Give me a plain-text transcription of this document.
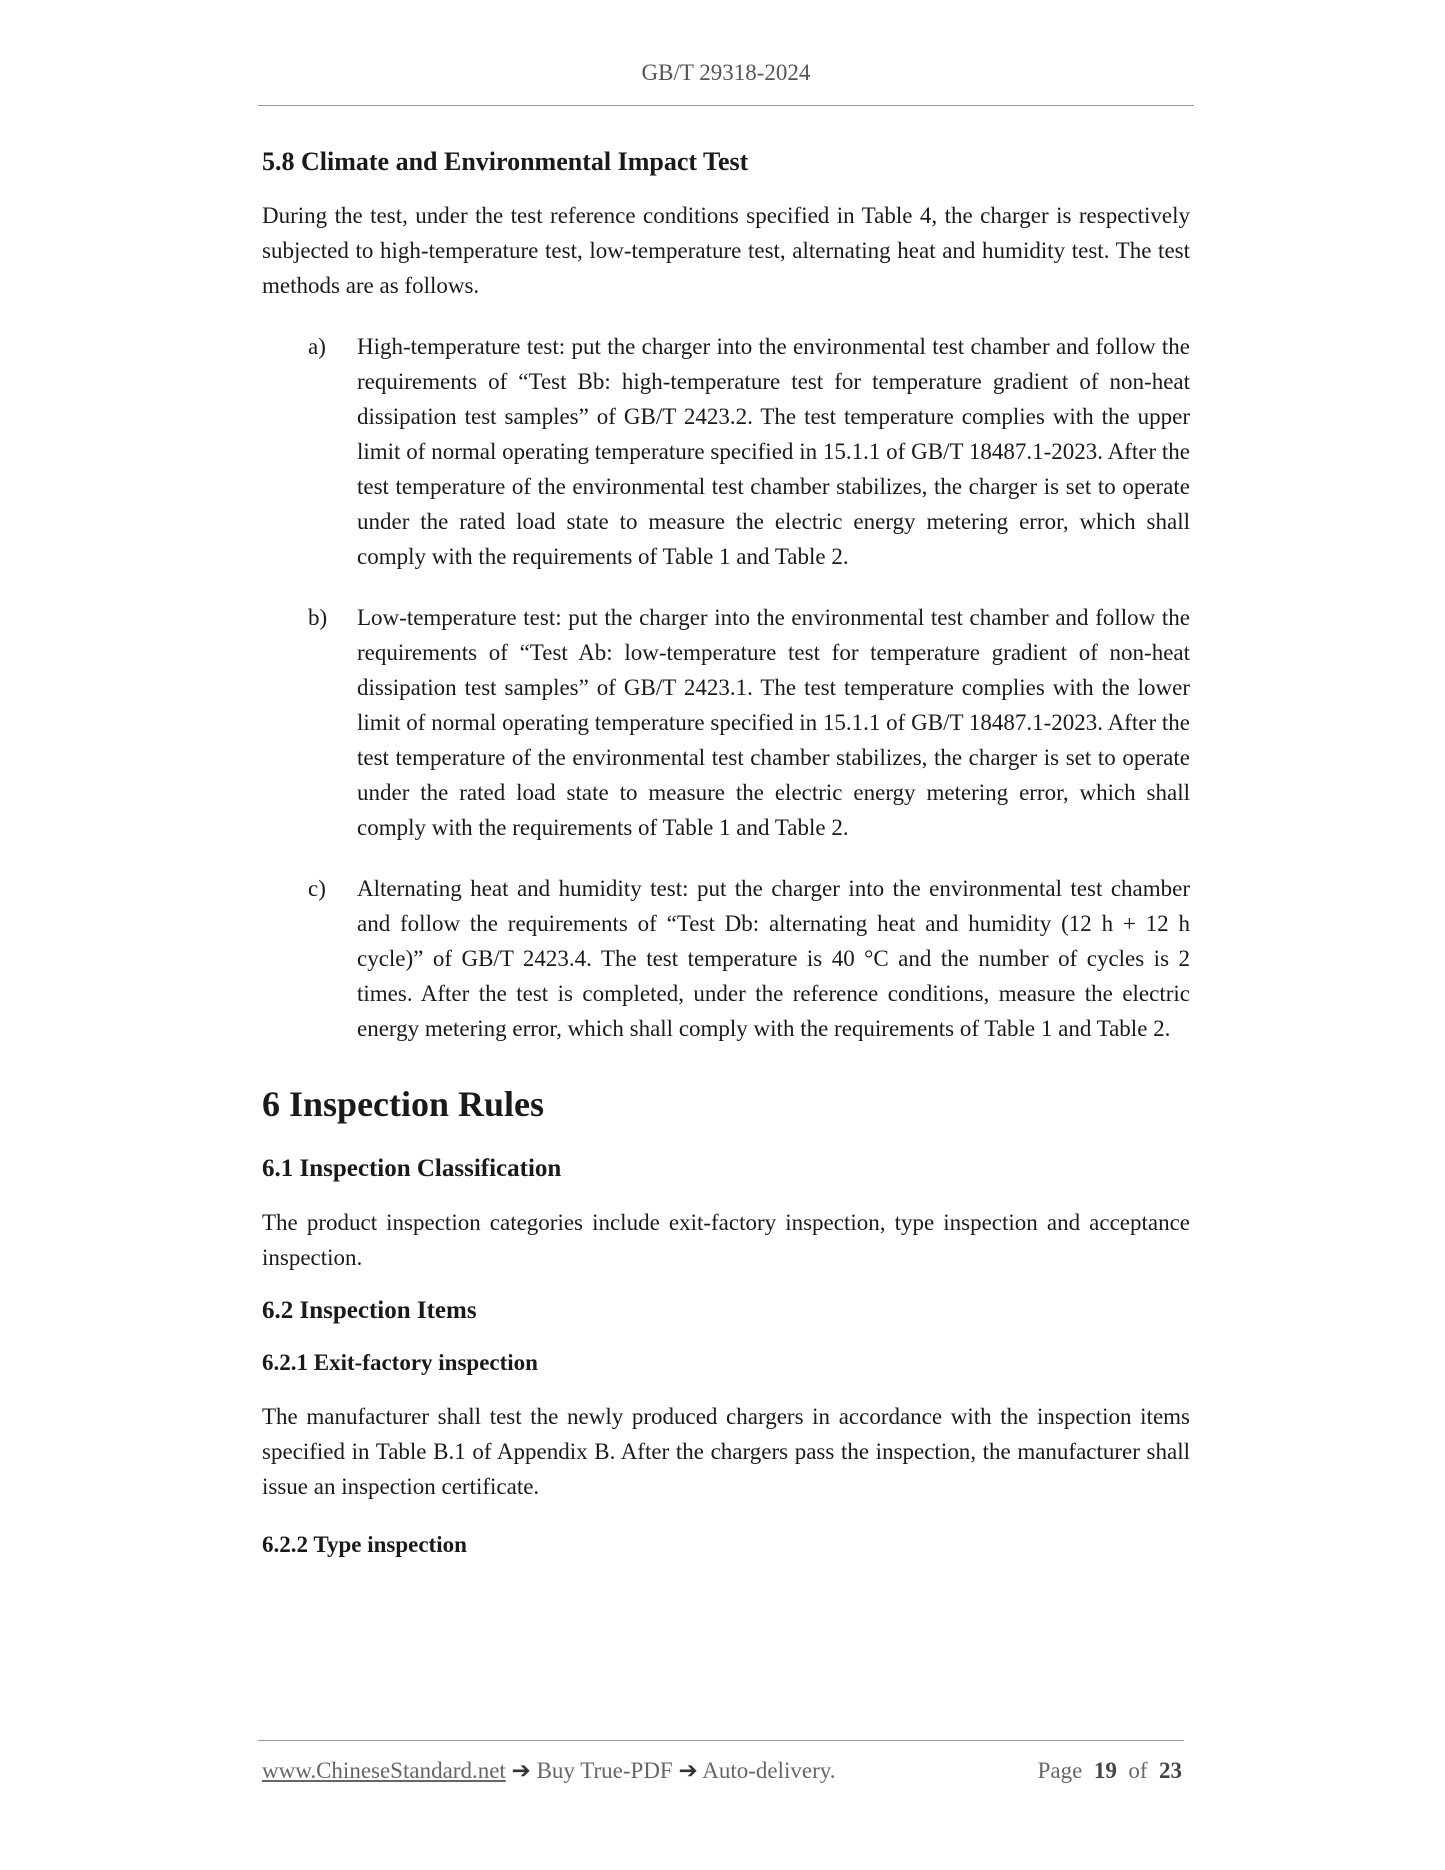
GB/T 29318-2024
5.8 Climate and Environmental Impact Test

During the test, under the test reference conditions specified in Table 4, the charger is respectively subjected to high-temperature test, low-temperature test, alternating heat and humidity test. The test methods are as follows.

a) High-temperature test: put the charger into the environmental test chamber and follow the requirements of “Test Bb: high-temperature test for temperature gradient of non-heat dissipation test samples” of GB/T 2423.2. The test temperature complies with the upper limit of normal operating temperature specified in 15.1.1 of GB/T 18487.1-2023. After the test temperature of the environmental test chamber stabilizes, the charger is set to operate under the rated load state to measure the electric energy metering error, which shall comply with the requirements of Table 1 and Table 2.
b) Low-temperature test: put the charger into the environmental test chamber and follow the requirements of “Test Ab: low-temperature test for temperature gradient of non-heat dissipation test samples” of GB/T 2423.1. The test temperature complies with the lower limit of normal operating temperature specified in 15.1.1 of GB/T 18487.1-2023. After the test temperature of the environmental test chamber stabilizes, the charger is set to operate under the rated load state to measure the electric energy metering error, which shall comply with the requirements of Table 1 and Table 2.
c) Alternating heat and humidity test: put the charger into the environmental test chamber and follow the requirements of “Test Db: alternating heat and humidity (12 h + 12 h cycle)” of GB/T 2423.4. The test temperature is 40 °C and the number of cycles is 2 times. After the test is completed, under the reference conditions, measure the electric energy metering error, which shall comply with the requirements of Table 1 and Table 2.
6 Inspection Rules
6.1 Inspection Classification

The product inspection categories include exit-factory inspection, type inspection and acceptance inspection.

6.2 Inspection Items
6.2.1 Exit-factory inspection

The manufacturer shall test the newly produced chargers in accordance with the inspection items specified in Table B.1 of Appendix B. After the chargers pass the inspection, the manufacturer shall issue an inspection certificate.

6.2.2 Type inspection
www.ChineseStandard.net ➔ Buy True-PDF ➔ Auto-delivery.	Page 19 of 23
